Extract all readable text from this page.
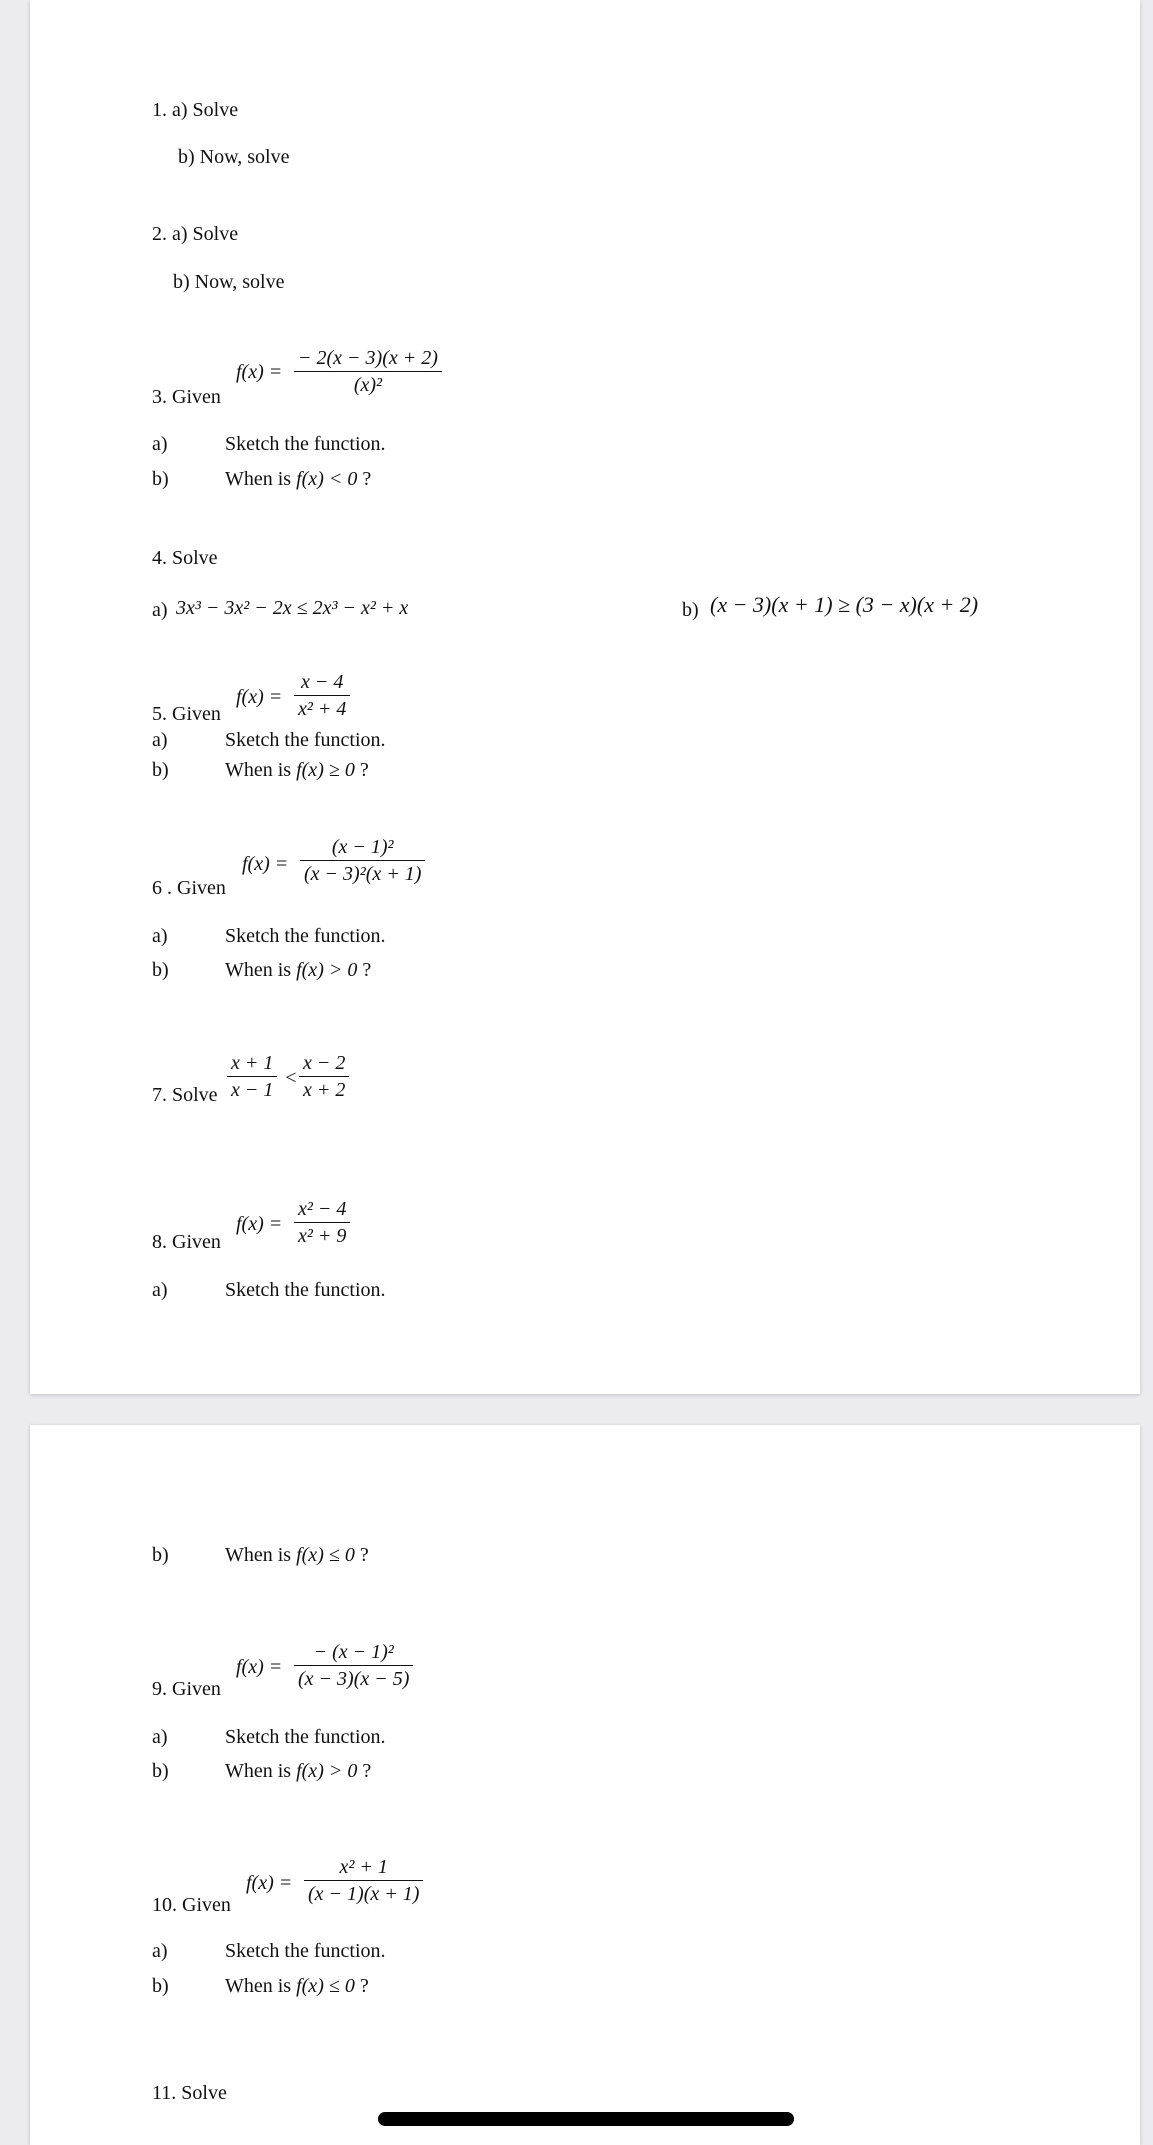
1. a) Solve
b) Now, solve
2. a) Solve
b) Now, solve
3. Given
f(x) =
− 2(x − 3)(x + 2)
(x)²
a)	Sketch the function.
b)	When is f(x) < 0 ?
4. Solve
a) 3x³ − 3x² − 2x ≤ 2x³ − x² + x	b) (x − 3)(x + 1) ≥ (3 − x)(x + 2)
5. Given
f(x) =
x − 4
x² + 4
a)	Sketch the function.
b)	When is f(x) ≥ 0 ?
6 . Given
f(x) =
(x − 1)²
(x − 3)²(x + 1)
a)	Sketch the function.
b)	When is f(x) > 0 ?
7. Solve
x + 1
x − 1
<
x − 2
x + 2
8. Given
f(x) =
x² − 4
x² + 9
a)	Sketch the function.
b)	When is f(x) ≤ 0 ?
9. Given
f(x) =
− (x − 1)²
(x − 3)(x − 5)
a)	Sketch the function.
b)	When is f(x) > 0 ?
10. Given
f(x) =
x² + 1
(x − 1)(x + 1)
a)	Sketch the function.
b)	When is f(x) ≤ 0 ?
11. Solve
